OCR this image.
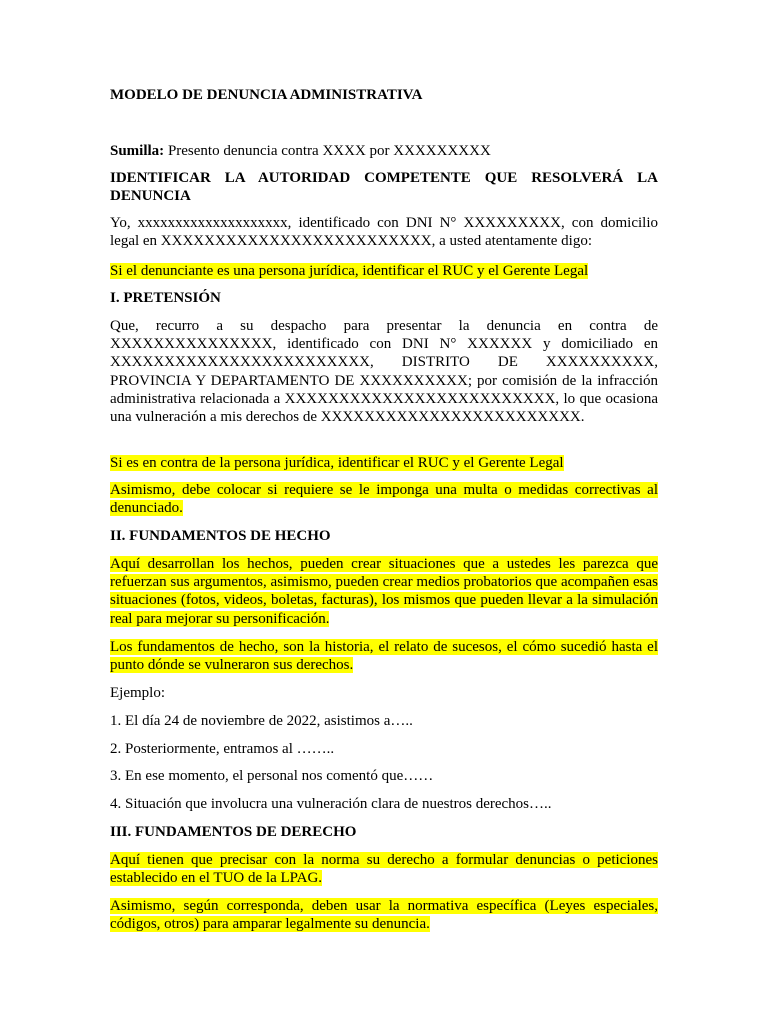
MODELO DE DENUNCIA ADMINISTRATIVA

Sumilla: Presento denuncia contra XXXX por XXXXXXXXX

IDENTIFICAR LA AUTORIDAD COMPETENTE QUE RESOLVERÁ LA DENUNCIA

Yo, xxxxxxxxxxxxxxxxxxxx, identificado con DNI N° XXXXXXXXX, con domicilio legal en XXXXXXXXXXXXXXXXXXXXXXXXX, a usted atentamente digo:

Si el denunciante es una persona jurídica, identificar el RUC y el Gerente Legal

I. PRETENSIÓN

Que, recurro a su despacho para presentar la denuncia en contra de XXXXXXXXXXXXXXX, identificado con DNI N° XXXXXX y domiciliado en XXXXXXXXXXXXXXXXXXXXXXXX, DISTRITO DE XXXXXXXXXX, PROVINCIA Y DEPARTAMENTO DE XXXXXXXXXX; por comisión de la infracción administrativa relacionada a XXXXXXXXXXXXXXXXXXXXXXXXX, lo que ocasiona una vulneración a mis derechos de XXXXXXXXXXXXXXXXXXXXXXXX.

Si es en contra de la persona jurídica, identificar el RUC y el Gerente Legal

Asimismo, debe colocar si requiere se le imponga una multa o medidas correctivas al denunciado.

II. FUNDAMENTOS DE HECHO

Aquí desarrollan los hechos, pueden crear situaciones que a ustedes les parezca que refuerzan sus argumentos, asimismo, pueden crear medios probatorios que acompañen esas situaciones (fotos, videos, boletas, facturas), los mismos que pueden llevar a la simulación real para mejorar su personificación.

Los fundamentos de hecho, son la historia, el relato de sucesos, el cómo sucedió hasta el punto dónde se vulneraron sus derechos.

Ejemplo:

1. El día 24 de noviembre de 2022, asistimos a…..

2. Posteriormente, entramos al ……..

3. En ese momento, el personal nos comentó que……

4. Situación que involucra una vulneración clara de nuestros derechos…..

III. FUNDAMENTOS DE DERECHO

Aquí tienen que precisar con la norma su derecho a formular denuncias o peticiones establecido en el TUO de la LPAG.

Asimismo, según corresponda, deben usar la normativa específica (Leyes especiales, códigos, otros) para amparar legalmente su denuncia.
